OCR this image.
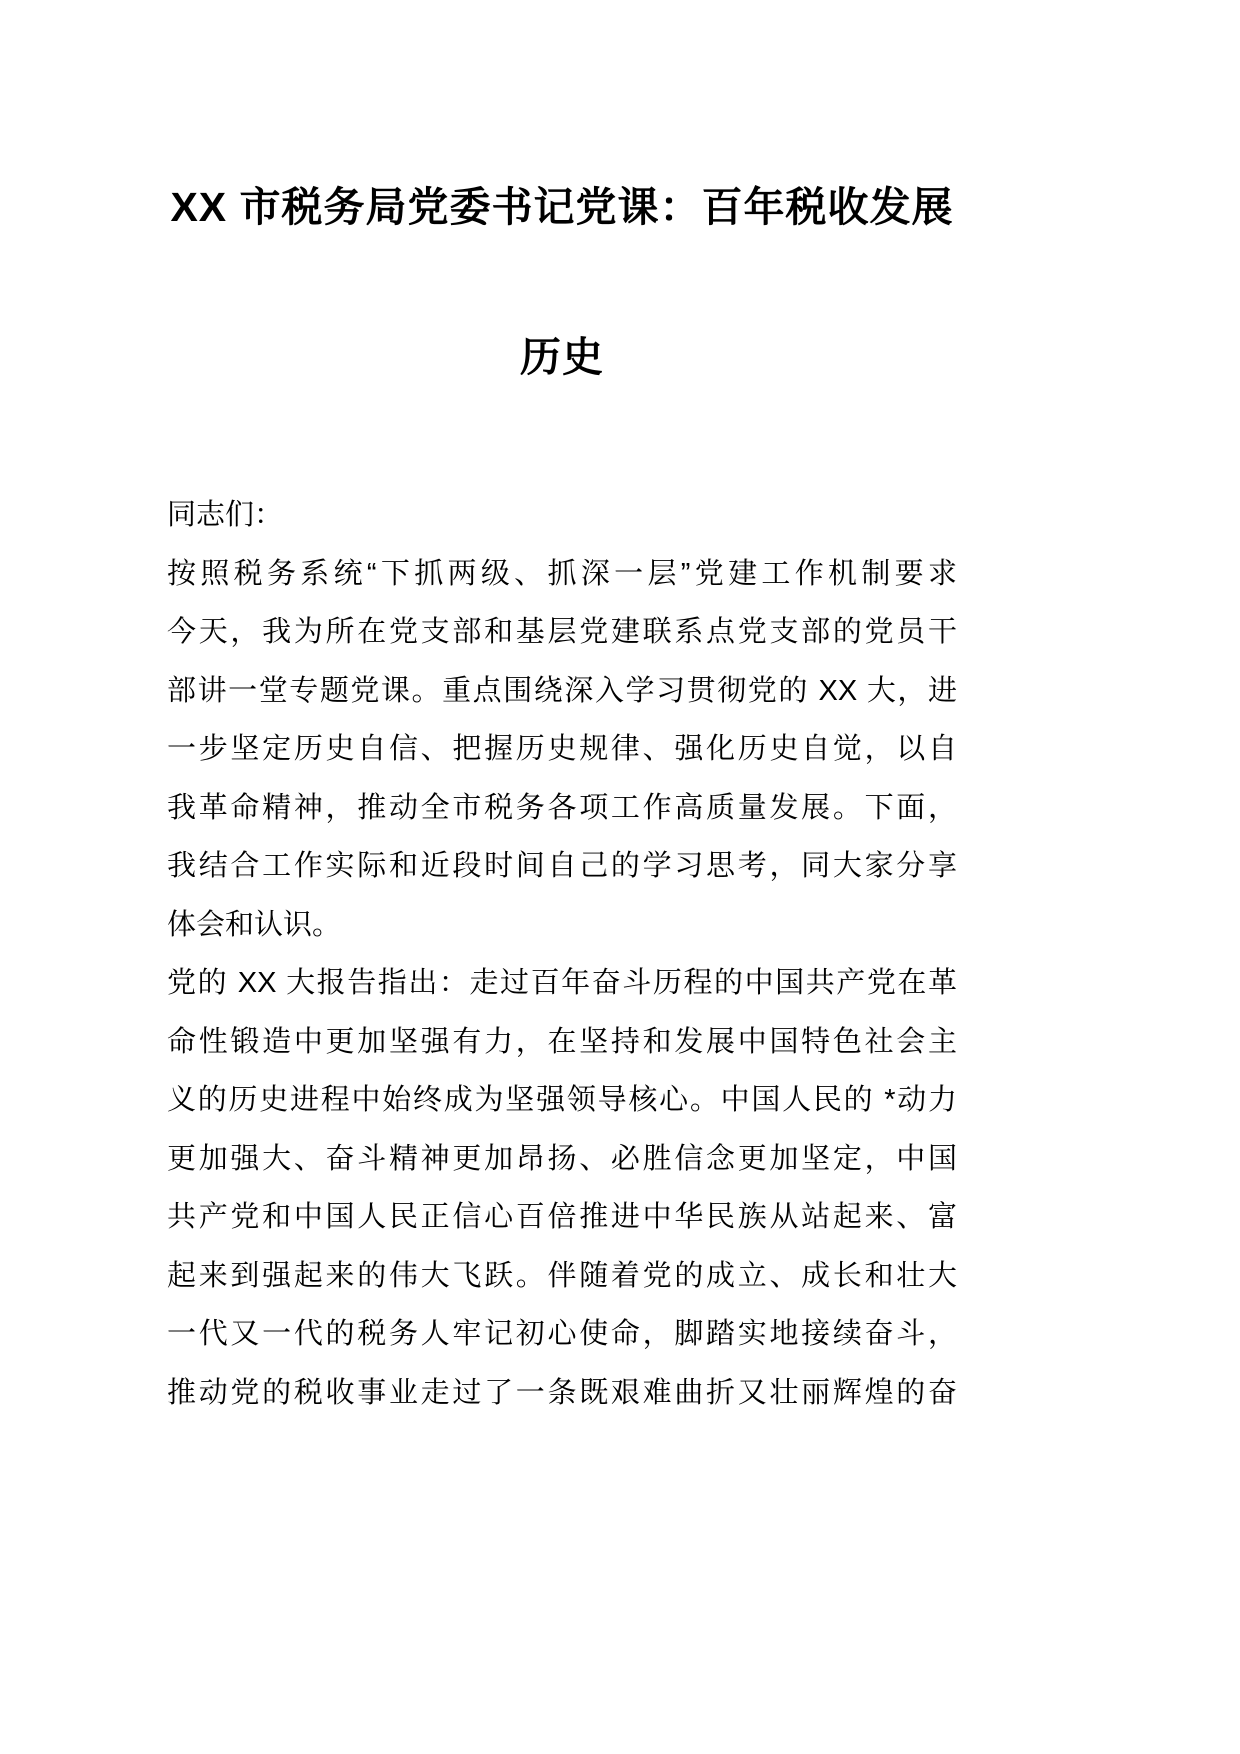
XX 市税务局党委书记党课：百年税收发展
历史
同志们：
按照税务系统“下抓两级、抓深一层”党建工作机制要求
今天，我为所在党支部和基层党建联系点党支部的党员干
部讲一堂专题党课。重点围绕深入学习贯彻党的 XX 大，进
一步坚定历史自信、把握历史规律、强化历史自觉，以自
我革命精神，推动全市税务各项工作高质量发展。下面，
我结合工作实际和近段时间自己的学习思考，同大家分享
体会和认识。
党的 XX 大报告指出：走过百年奋斗历程的中国共产党在革
命性锻造中更加坚强有力，在坚持和发展中国特色社会主
义的历史进程中始终成为坚强领导核心。中国人民的 *动力
更加强大、奋斗精神更加昂扬、必胜信念更加坚定，中国
共产党和中国人民正信心百倍推进中华民族从站起来、富
起来到强起来的伟大飞跃。伴随着党的成立、成长和壮大
一代又一代的税务人牢记初心使命，脚踏实地接续奋斗，
推动党的税收事业走过了一条既艰难曲折又壮丽辉煌的奋
